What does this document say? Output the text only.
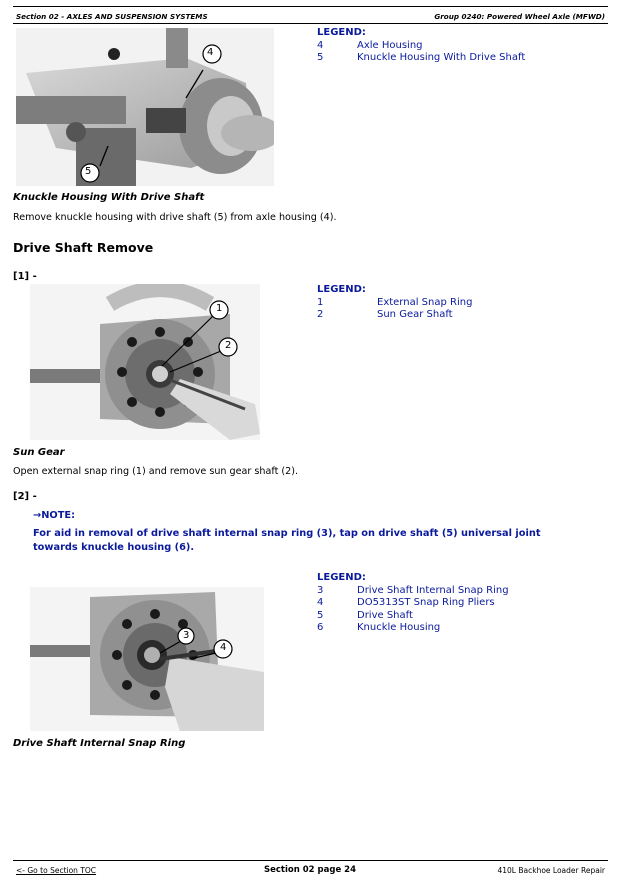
Section 02 - AXLES AND SUSPENSION SYSTEMS	Group 0240: Powered Wheel Axle (MFWD)
4
5
LEGEND:
4	Axle Housing
5	Knuckle Housing With Drive Shaft
Knuckle Housing With Drive Shaft
Remove knuckle housing with drive shaft (5) from axle housing (4).
Drive Shaft Remove
[1] -
1
2
LEGEND:
1	External Snap Ring
2	Sun Gear Shaft
Sun Gear
Open external snap ring (1) and remove sun gear shaft (2).
[2] -
→NOTE:
For aid in removal of drive shaft internal snap ring (3), tap on drive shaft (5) universal joint towards knuckle housing (6).
3
4
LEGEND:
3	Drive Shaft Internal Snap Ring
4	DO5313ST Snap Ring Pliers
5	Drive Shaft
6	Knuckle Housing
Drive Shaft Internal Snap Ring
<- Go to Section TOC	Section 02 page 24	410L Backhoe Loader Repair
